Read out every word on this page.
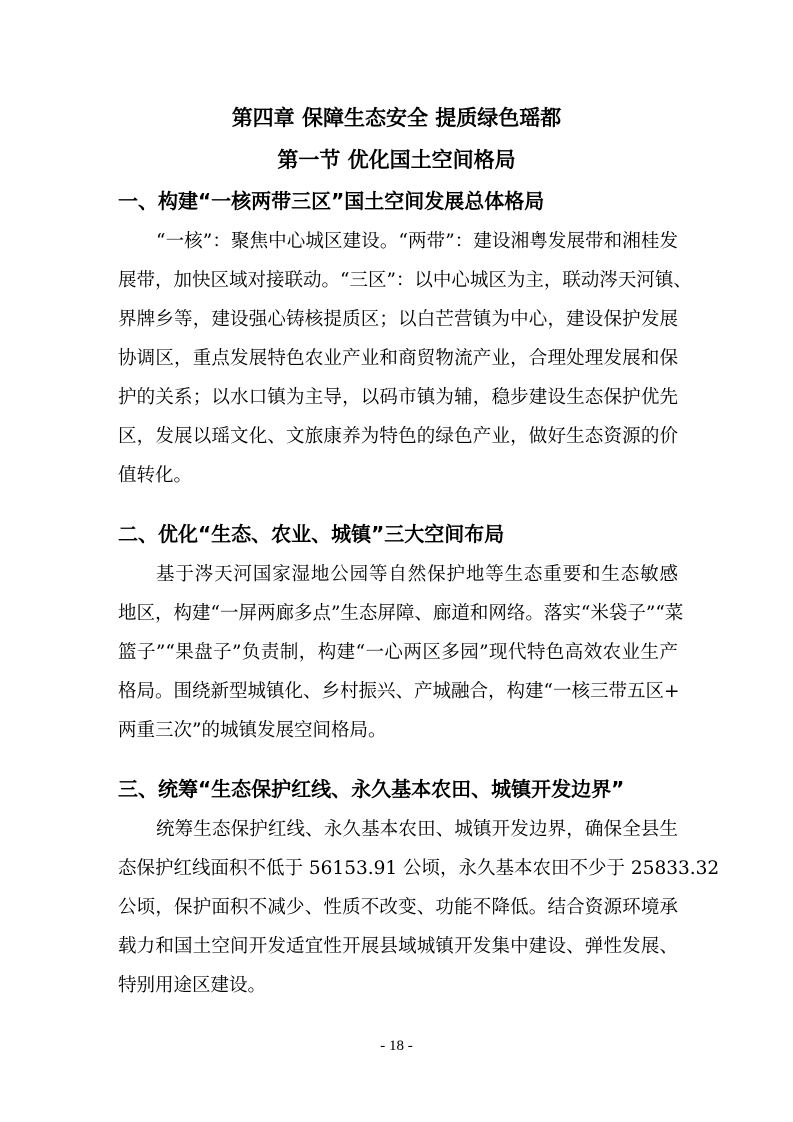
第四章 保障生态安全 提质绿色瑶都
第一节 优化国土空间格局
一、构建“一核两带三区”国土空间发展总体格局
“一核”：聚焦中心城区建设。“两带”：建设湘粤发展带和湘桂发
展带，加快区域对接联动。“三区”：以中心城区为主，联动涔天河镇、
界牌乡等，建设强心铸核提质区；以白芒营镇为中心，建设保护发展
协调区，重点发展特色农业产业和商贸物流产业，合理处理发展和保
护的关系；以水口镇为主导，以码市镇为辅，稳步建设生态保护优先
区，发展以瑶文化、文旅康养为特色的绿色产业，做好生态资源的价
值转化。
二、优化“生态、农业、城镇”三大空间布局
基于涔天河国家湿地公园等自然保护地等生态重要和生态敏感
地区，构建“一屏两廊多点”生态屏障、廊道和网络。落实“米袋子”“菜
篮子”“果盘子”负责制，构建“一心两区多园”现代特色高效农业生产
格局。围绕新型城镇化、乡村振兴、产城融合，构建“一核三带五区+
两重三次”的城镇发展空间格局。
三、统筹“生态保护红线、永久基本农田、城镇开发边界”
统筹生态保护红线、永久基本农田、城镇开发边界，确保全县生
态保护红线面积不低于 56153.91 公顷，永久基本农田不少于 25833.32
公顷，保护面积不减少、性质不改变、功能不降低。结合资源环境承
载力和国土空间开发适宜性开展县域城镇开发集中建设、弹性发展、
特别用途区建设。
- 18 -
